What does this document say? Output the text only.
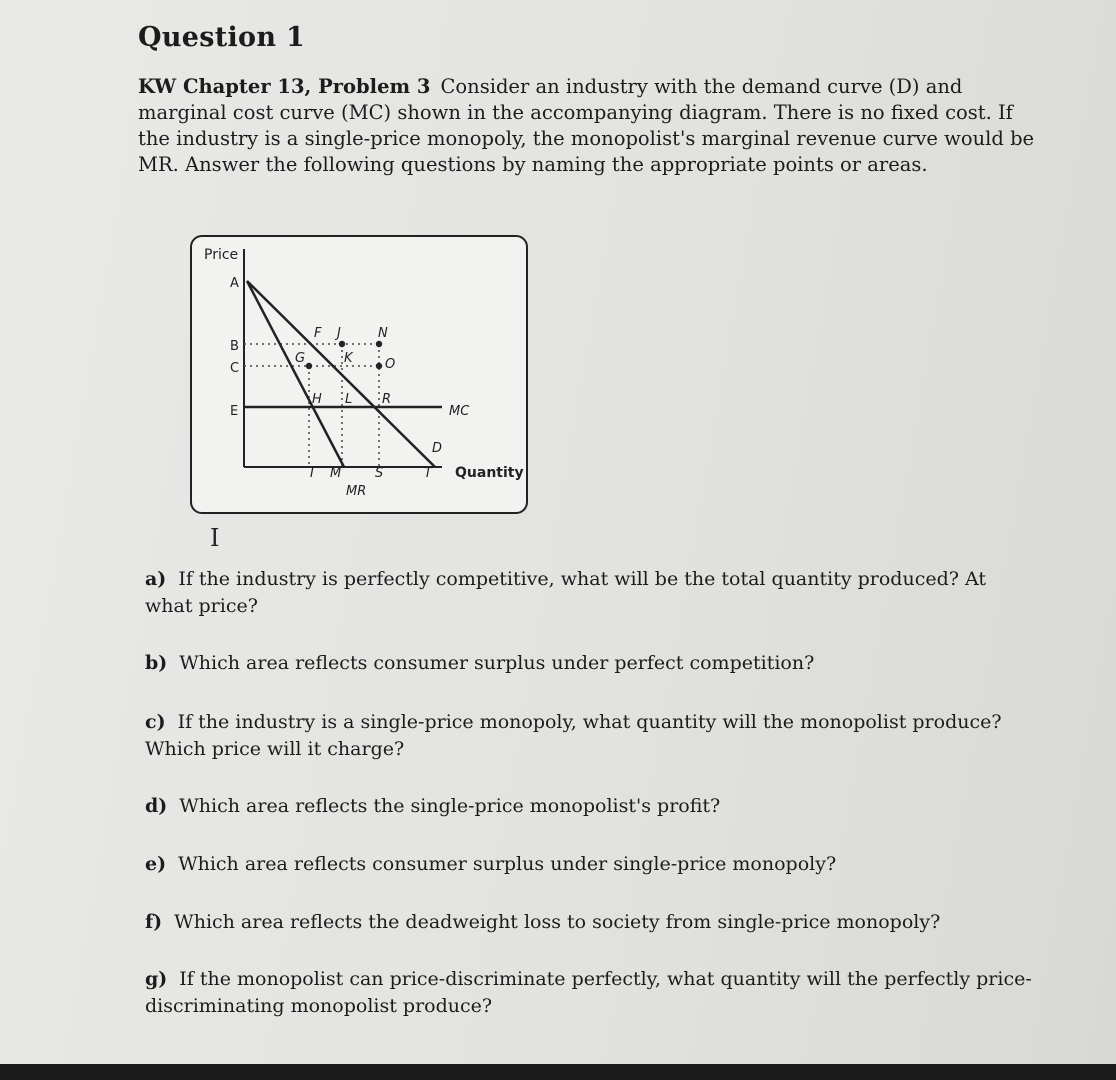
Question 1
KW Chapter 13, Problem 3 Consider an industry with the demand curve (D) and marginal cost curve (MC) shown in the accompanying diagram. There is no fixed cost. If the industry is a single-price monopoly, the monopolist's marginal revenue curve would be MR. Answer the following questions by naming the appropriate points or areas.
Price
Quantity
A
B
C
E	MC
D
MR
F J	N
G	K O
H L R
I M	S	T
I
a) If the industry is perfectly competitive, what will be the total quantity produced? At what price?
b) Which area reflects consumer surplus under perfect competition?
c) If the industry is a single-price monopoly, what quantity will the monopolist produce? Which price will it charge?
d) Which area reflects the single-price monopolist's profit?
e) Which area reflects consumer surplus under single-price monopoly?
f) Which area reflects the deadweight loss to society from single-price monopoly?
g) If the monopolist can price-discriminate perfectly, what quantity will the perfectly price-discriminating monopolist produce?
